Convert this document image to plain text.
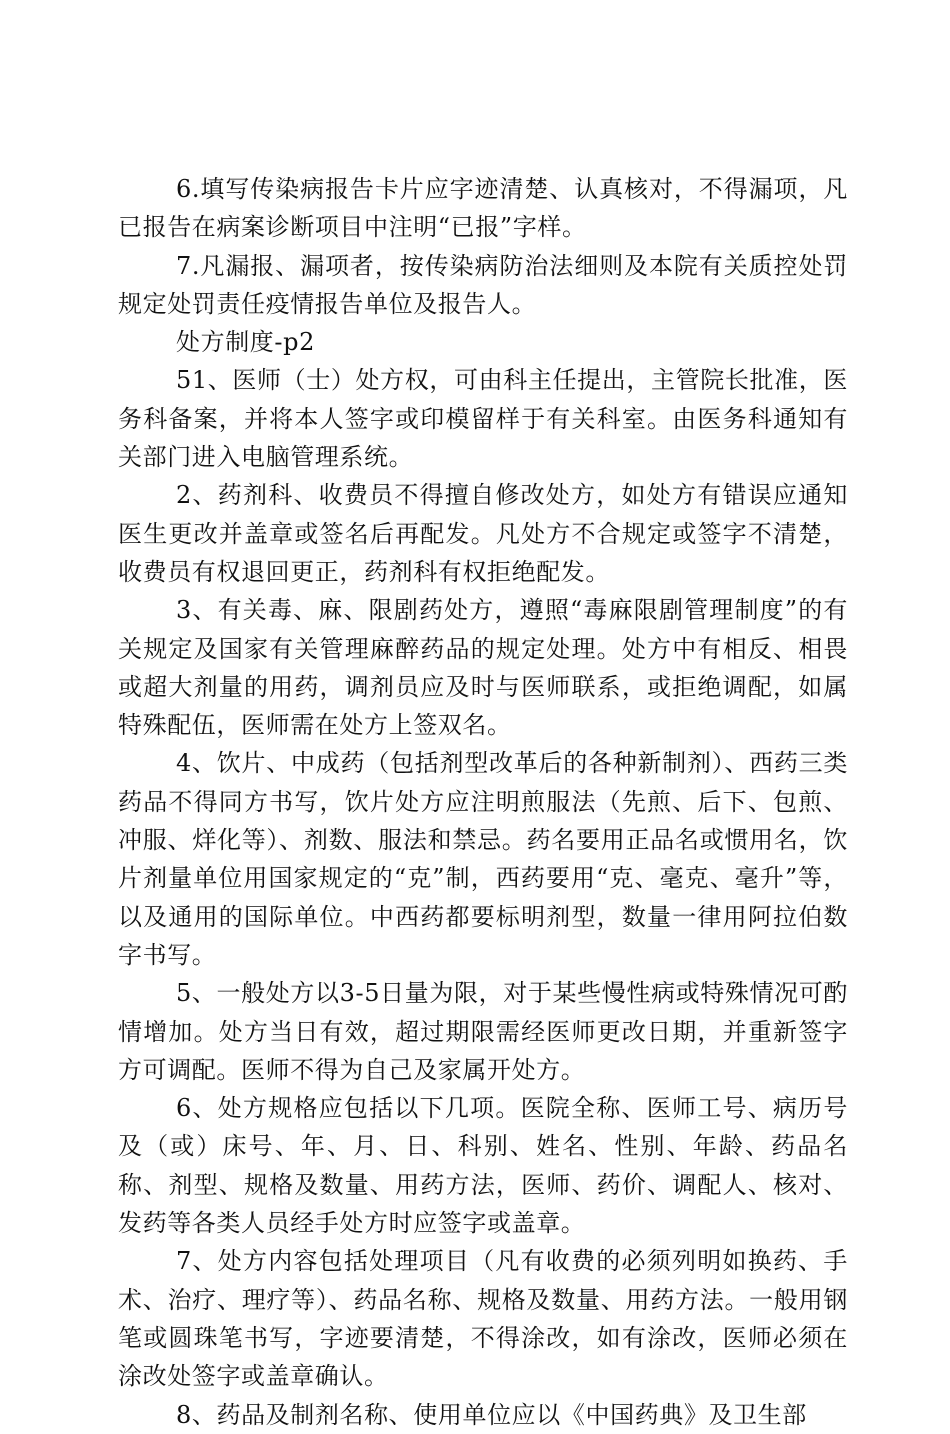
6.填写传染病报告卡片应字迹清楚、认真核对，不得漏项，凡已报告在病案诊断项目中注明“已报”字样。

7.凡漏报、漏项者，按传染病防治法细则及本院有关质控处罚规定处罚责任疫情报告单位及报告人。

处方制度-p2

51、医师（士）处方权，可由科主任提出，主管院长批准，医务科备案，并将本人签字或印模留样于有关科室。由医务科通知有关部门进入电脑管理系统。

2、药剂科、收费员不得擅自修改处方，如处方有错误应通知医生更改并盖章或签名后再配发。凡处方不合规定或签字不清楚，收费员有权退回更正，药剂科有权拒绝配发。

3、有关毒、麻、限剧药处方，遵照“毒麻限剧管理制度”的有关规定及国家有关管理麻醉药品的规定处理。处方中有相反、相畏或超大剂量的用药，调剂员应及时与医师联系，或拒绝调配，如属特殊配伍，医师需在处方上签双名。

4、饮片、中成药（包括剂型改革后的各种新制剂）、西药三类药品不得同方书写，饮片处方应注明煎服法（先煎、后下、包煎、冲服、烊化等）、剂数、服法和禁忌。药名要用正品名或惯用名，饮片剂量单位用国家规定的“克”制，西药要用“克、毫克、毫升”等，以及通用的国际单位。中西药都要标明剂型，数量一律用阿拉伯数字书写。

5、一般处方以3-5日量为限，对于某些慢性病或特殊情况可酌情增加。处方当日有效，超过期限需经医师更改日期，并重新签字方可调配。医师不得为自己及家属开处方。

6、处方规格应包括以下几项。医院全称、医师工号、病历号及（或）床号、年、月、日、科别、姓名、性别、年龄、药品名称、剂型、规格及数量、用药方法，医师、药价、调配人、核对、发药等各类人员经手处方时应签字或盖章。

7、处方内容包括处理项目（凡有收费的必须列明如换药、手术、治疗、理疗等）、药品名称、规格及数量、用药方法。一般用钢笔或圆珠笔书写，字迹要清楚，不得涂改，如有涂改，医师必须在涂改处签字或盖章确认。

8、药品及制剂名称、使用单位应以《中国药典》及卫生部
